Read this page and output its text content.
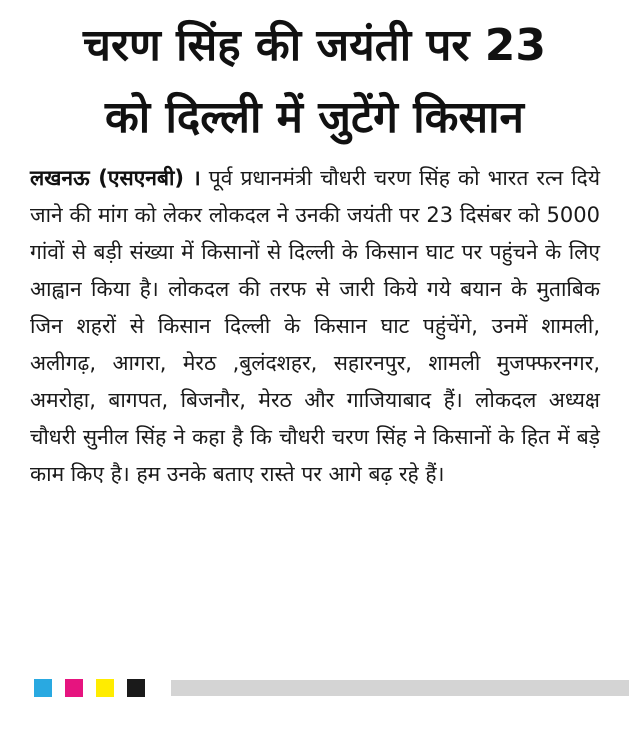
चरण सिंह की जयंती पर 23
को दिल्ली में जुटेंगे किसान

लखनऊ (एसएनबी) । पूर्व प्रधानमंत्री चौधरी चरण सिंह को भारत रत्न दिये जाने की मांग को लेकर लोकदल ने उनकी जयंती पर 23 दिसंबर को 5000 गांवों से बड़ी संख्या में किसानों से दिल्ली के किसान घाट पर पहुंचने के लिए आह्वान किया है। लोकदल की तरफ से जारी किये गये बयान के मुताबिक जिन शहरों से किसान दिल्ली के किसान घाट पहुंचेंगे, उनमें शामली, अलीगढ़, आगरा, मेरठ ,बुलंदशहर, सहारनपुर, शामली मुजफ्फरनगर, अमरोहा, बागपत, बिजनौर, मेरठ और गाजियाबाद हैं। लोकदल अध्यक्ष चौधरी सुनील सिंह ने कहा है कि चौधरी चरण सिंह ने किसानों के हित में बड़े काम किए है। हम उनके बताए रास्ते पर आगे बढ़ रहे हैं।
